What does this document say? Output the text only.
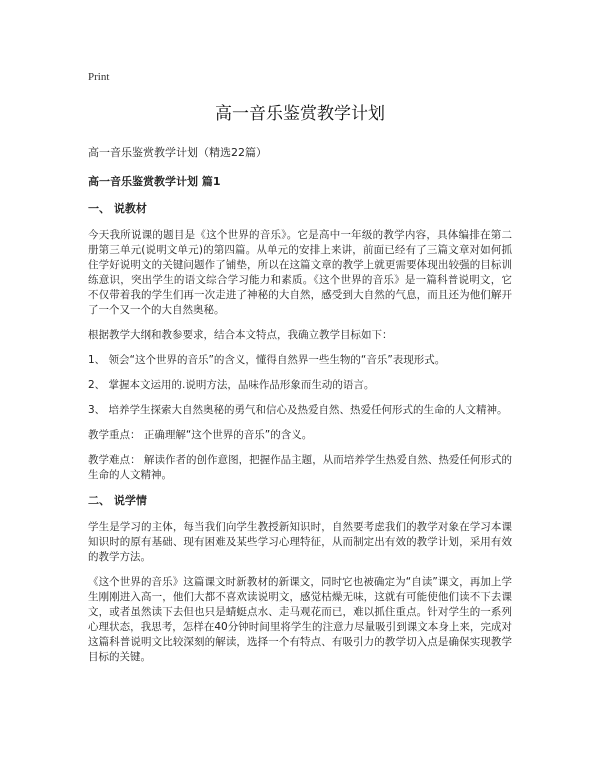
Print
高一音乐鉴赏教学计划

高一音乐鉴赏教学计划（精选22篇）

高一音乐鉴赏教学计划 篇1

一、 说教材

今天我所说课的题目是《这个世界的音乐》。它是高中一年级的教学内容，具体编排在第二册第三单元(说明文单元)的第四篇。从单元的安排上来讲，前面已经有了三篇文章对如何抓住学好说明文的关键问题作了铺垫，所以在这篇文章的教学上就更需要体现出较强的目标训练意识，突出学生的语文综合学习能力和素质。《这个世界的音乐》是一篇科普说明文，它不仅带着我的学生们再一次走进了神秘的大自然，感受到大自然的气息，而且还为他们解开了一个又一个的大自然奥秘。

根据教学大纲和教参要求，结合本文特点，我确立教学目标如下：

1、 领会“这个世界的音乐”的含义，懂得自然界一些生物的“音乐”表现形式。

2、 掌握本文运用的.说明方法，品味作品形象而生动的语言。

3、 培养学生探索大自然奥秘的勇气和信心及热爱自然、热爱任何形式的生命的人文精神。

教学重点： 正确理解“这个世界的音乐”的含义。

教学难点： 解读作者的创作意图，把握作品主题，从而培养学生热爱自然、热爱任何形式的生命的人文精神。

二、 说学情

学生是学习的主体，每当我们向学生教授新知识时，自然要考虑我们的教学对象在学习本课知识时的原有基础、现有困难及某些学习心理特征，从而制定出有效的教学计划，采用有效的教学方法。

《这个世界的音乐》这篇课文时新教材的新课文，同时它也被确定为“自读”课文，再加上学生刚刚进入高一，他们大都不喜欢读说明文，感觉枯燥无味，这就有可能使他们读不下去课文，或者虽然读下去但也只是蜻蜓点水、走马观花而已，难以抓住重点。针对学生的一系列心理状态，我思考，怎样在40分钟时间里将学生的注意力尽量吸引到课文本身上来，完成对这篇科普说明文比较深刻的解读，选择一个有特点、有吸引力的教学切入点是确保实现教学目标的关键。
